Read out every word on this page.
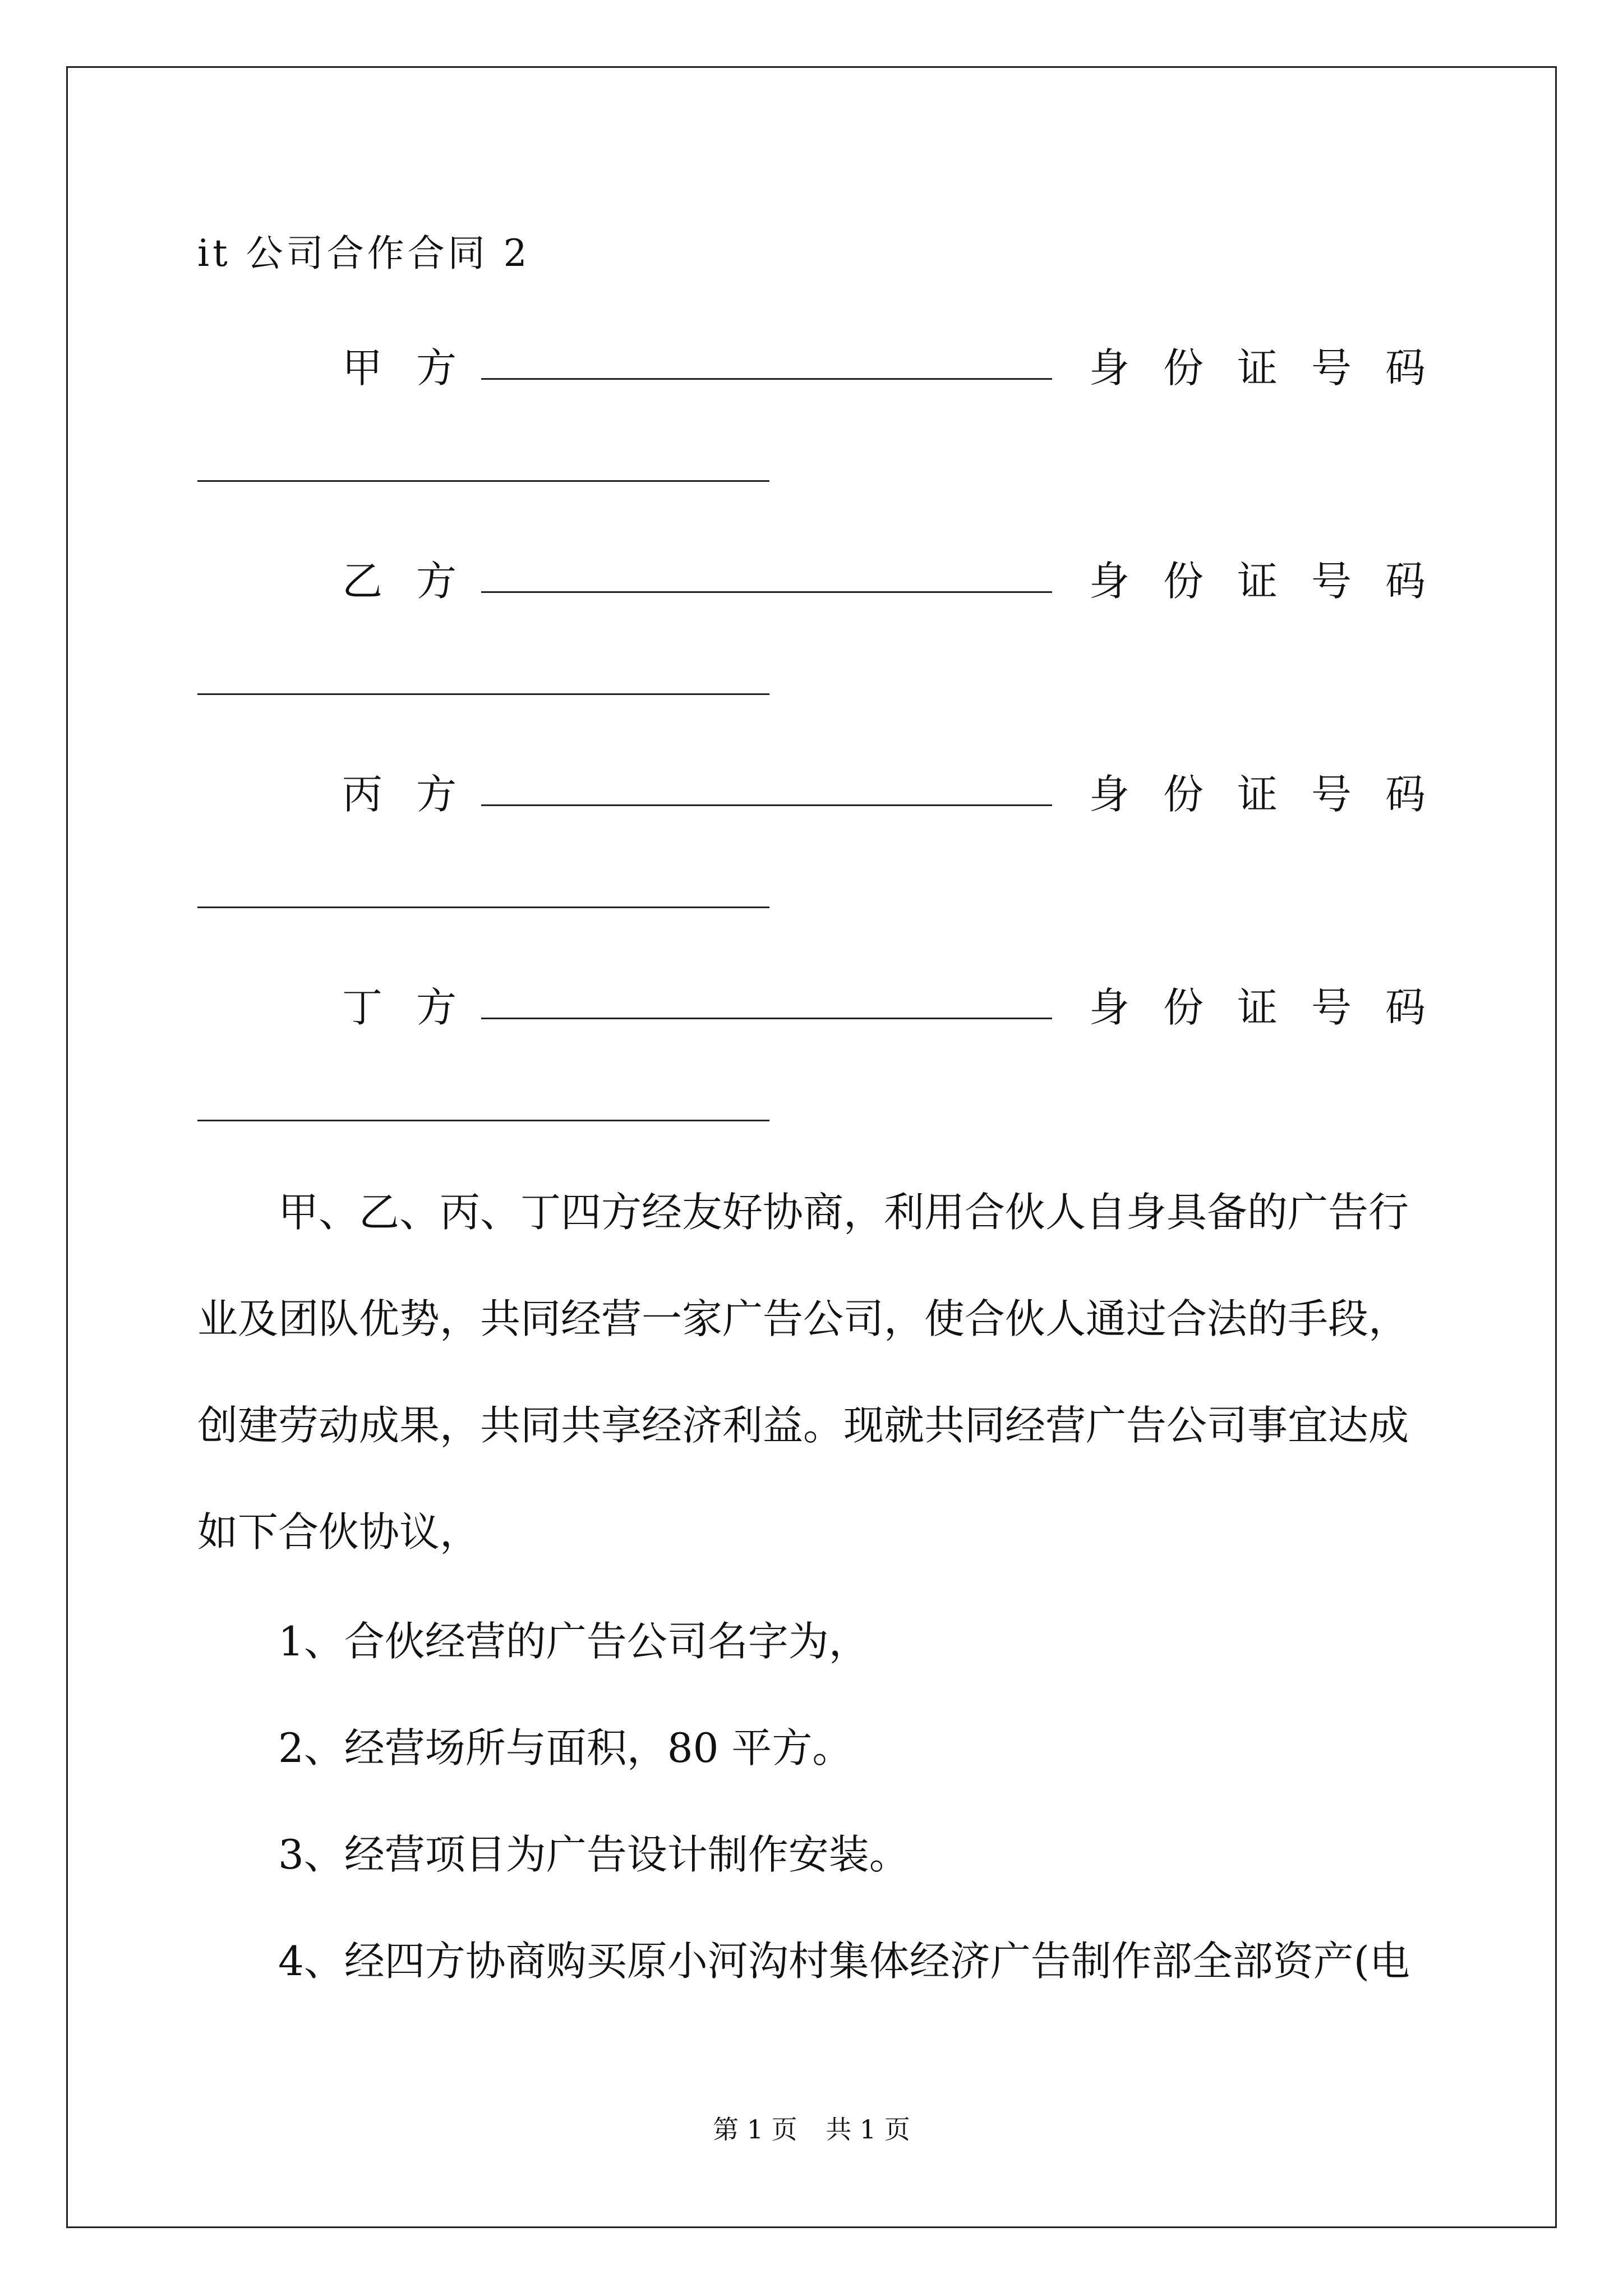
it 公司合作合同 2
甲方	身份证号码
乙方	身份证号码
丙方	身份证号码
丁方	身份证号码

甲、乙、丙、丁四方经友好协商，利用合伙人自身具备的广告行

业及团队优势，共同经营一家广告公司，使合伙人通过合法的手段，

创建劳动成果，共同共享经济利益。现就共同经营广告公司事宜达成

如下合伙协议，

1、合伙经营的广告公司名字为，
2、经营场所与面积，80 平方。
3、经营项目为广告设计制作安装。
4、经四方协商购买原小河沟村集体经济广告制作部全部资产(电
第 1 页 共 1 页
